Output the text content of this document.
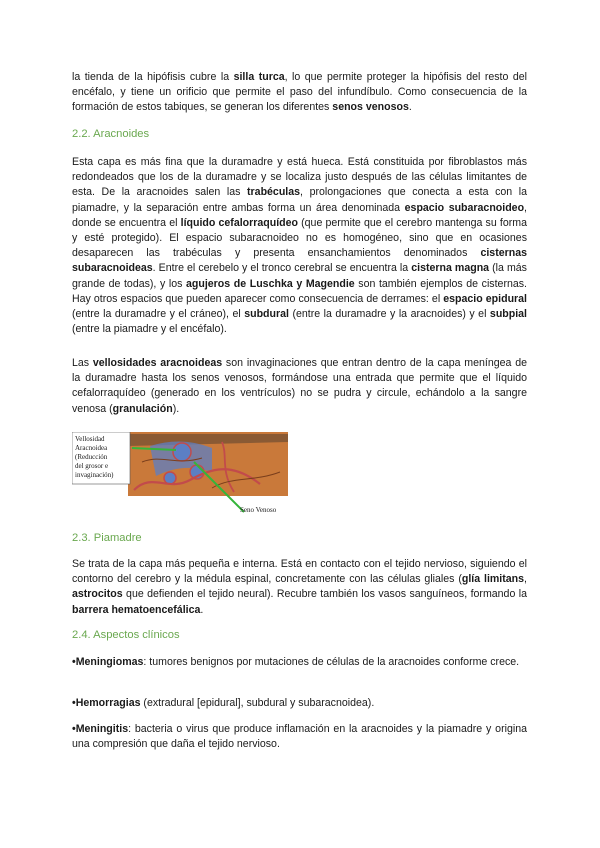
la tienda de la hipófisis cubre la silla turca, lo que permite proteger la hipófisis del resto del encéfalo, y tiene un orificio que permite el paso del infundíbulo. Como consecuencia de la formación de estos tabiques, se generan los diferentes senos venosos.

2.2. Aracnoides

Esta capa es más fina que la duramadre y está hueca. Está constituida por fibroblastos más redondeados que los de la duramadre y se localiza justo después de las células limitantes de esta. De la aracnoides salen las trabéculas, prolongaciones que conecta a esta con la piamadre, y la separación entre ambas forma un área denominada espacio subaracnoideo, donde se encuentra el líquido cefalorraquídeo (que permite que el cerebro mantenga su forma y esté protegido). El espacio subaracnoideo no es homogéneo, sino que en ocasiones desaparecen las trabéculas y presenta ensanchamientos denominados cisternas subaracnoideas. Entre el cerebelo y el tronco cerebral se encuentra la cisterna magna (la más grande de todas), y los agujeros de Luschka y Magendie son también ejemplos de cisternas. Hay otros espacios que pueden aparecer como consecuencia de derrames: el espacio epidural (entre la duramadre y el cráneo), el subdural (entre la duramadre y la aracnoides) y el subpial (entre la piamadre y el encéfalo).

Las vellosidades aracnoideas son invaginaciones que entran dentro de la capa meníngea de la duramadre hasta los senos venosos, formándose una entrada que permite que el líquido cefalorraquídeo (generado en los ventrículos) no se pudra y circule, echándolo a la sangre venosa (granulación).

Vellosidad
Aracnoidea
(Reducción
del grosor e
invaginación)
Seno Venoso
2.3. Piamadre

Se trata de la capa más pequeña e interna. Está en contacto con el tejido nervioso, siguiendo el contorno del cerebro y la médula espinal, concretamente con las células gliales (glía limitans, astrocitos que defienden el tejido neural). Recubre también los vasos sanguíneos, formando la barrera hematoencefálica.

2.4. Aspectos clínicos

•Meningiomas: tumores benignos por mutaciones de células de la aracnoides conforme crece.

•Hemorragias (extradural [epidural], subdural y subaracnoidea).

•Meningitis: bacteria o virus que produce inflamación en la aracnoides y la piamadre y origina una compresión que daña el tejido nervioso.
